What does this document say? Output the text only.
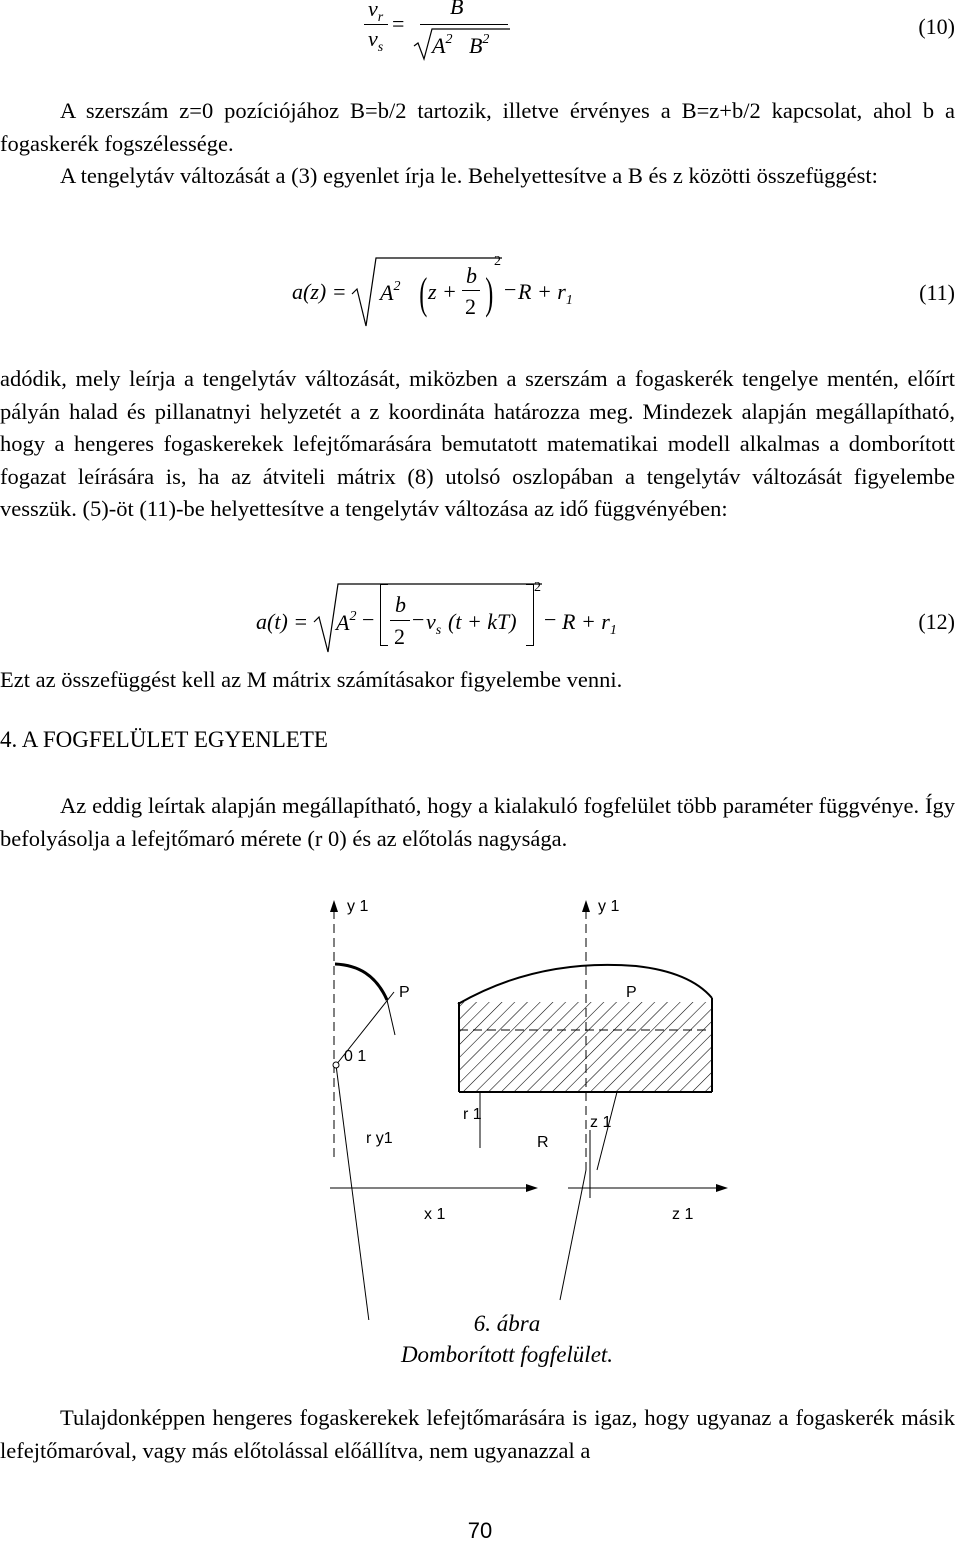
$v_r$
$v_s$
=
B
$A^2$ $B^2$
(10)

A szerszám z=0 pozíciójához B=b/2 tartozik, illetve érvényes a B=z+b/2 kapcsolat, ahol b a fogaskerék fogszélessége.

A tengelytáv változását a (3) egyenlet írja le. Behelyettesítve a B és z közötti összefüggést:

$a(z) = A^2$ ( z +
b
2 )
2
− $R + r_1$	(11)
adódik, mely leírja a tengelytáv változását, miközben a szerszám a fogaskerék tengelye mentén, előírt pályán halad és pillanatnyi helyzetét a z koordináta határozza meg. Mindezek alapján megállapítható, hogy a hengeres fogaskerekek lefejtőmarására bemutatott matematikai modell alkalmas a domborított fogazat leírására is, ha az átviteli mátrix (8) utolsó oszlopában a tengelytáv változását figyelembe vesszük. (5)-öt (11)-be helyettesítve a tengelytáv változása az idő függvényében:
$a(t) = A^2$ −
b
2
− $v_s$ (t + kT)
2
− $R + r_1$	(12)
Ezt az összefüggést kell az M mátrix számításakor figyelembe venni.
4. A FOGFELÜLET EGYENLETE
Az eddig leírtak alapján megállapítható, hogy a kialakuló fogfelület több paraméter függvénye. Így befolyásolja a lefejtőmaró mérete (r 0) és az előtolás nagysága.
y 1
P
0 1
r y1
x 1
y 1
P
r 1
R
z 1
z 1
6. ábra
Domborított fogfelület.
Tulajdonképpen hengeres fogaskerekek lefejtőmarására is igaz, hogy ugyanaz a fogaskerék másik lefejtőmaróval, vagy más előtolással előállítva, nem ugyanazzal a
70
